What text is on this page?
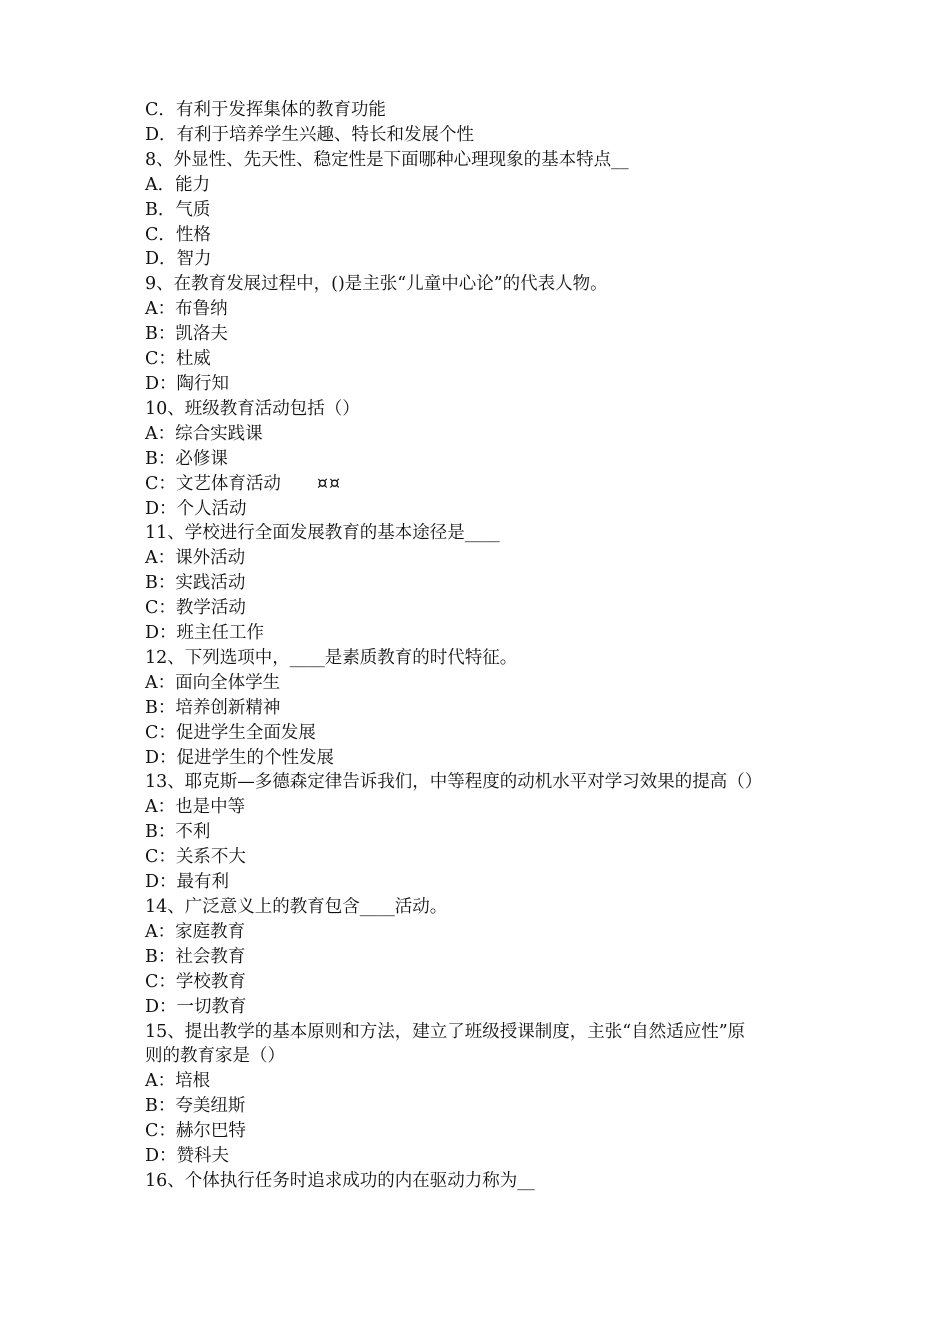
C．有利于发挥集体的教育功能

D．有利于培养学生兴趣、特长和发展个性

8、外显性、先天性、稳定性是下面哪种心理现象的基本特点__

A．能力

B．气质

C．性格

D．智力

9、在教育发展过程中，()是主张“儿童中心论”的代表人物。

A：布鲁纳

B：凯洛夫

C：杜威

D：陶行知

10、班级教育活动包括（）

A：综合实践课

B：必修课

C：文艺体育活动 ¤¤

D：个人活动

11、学校进行全面发展教育的基本途径是____

A：课外活动

B：实践活动

C：教学活动

D：班主任工作

12、下列选项中，____是素质教育的时代特征。

A：面向全体学生

B：培养创新精神

C：促进学生全面发展

D：促进学生的个性发展

13、耶克斯—多德森定律告诉我们，中等程度的动机水平对学习效果的提高（）

A：也是中等

B：不利

C：关系不大

D：最有利

14、广泛意义上的教育包含____活动。

A：家庭教育

B：社会教育

C：学校教育

D：一切教育

15、提出教学的基本原则和方法，建立了班级授课制度，主张“自然适应性”原

则的教育家是（）

A：培根

B：夸美纽斯

C：赫尔巴特

D：赞科夫

16、个体执行任务时追求成功的内在驱动力称为__
